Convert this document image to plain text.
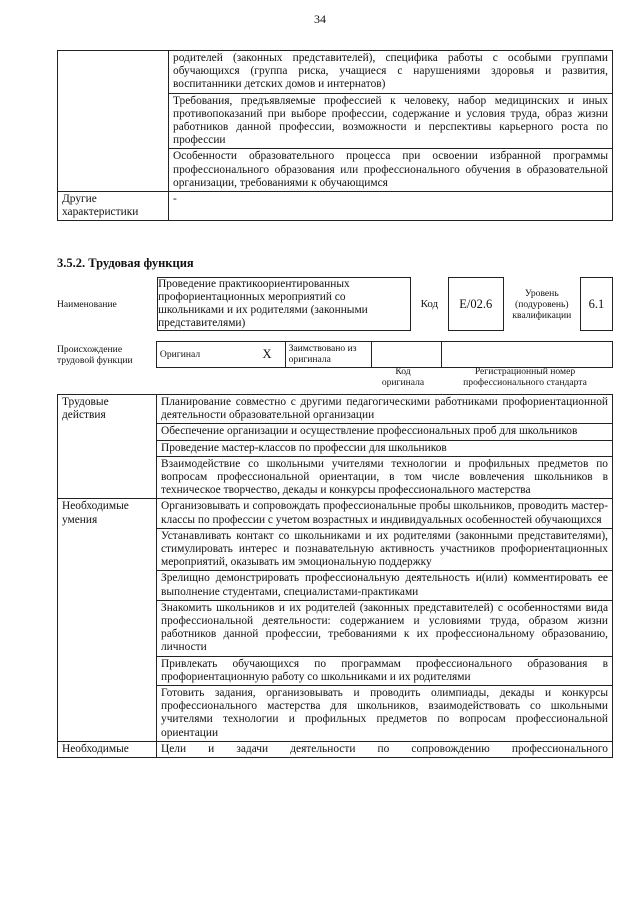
34
	родителей (законных представителей), специфика работы с особыми группами обучающихся (группа риска, учащиеся с нарушениями здоровья и развития, воспитанники детских домов и интернатов)
	Требования, предъявляемые профессией к человеку, набор медицинских и иных противопоказаний при выборе профессии, содержание и условия труда, образ жизни работников данной профессии, возможности и перспективы карьерного роста по профессии
	Особенности образовательного процесса при освоении избранной программы профессионального образования или профессионального обучения в образовательной организации, требованиями к обучающимся
Другие характеристики	-
3.5.2. Трудовая функция
Наименование	Проведение практикоориентированных профориентационных мероприятий со школьниками и их родителями (законными представителями)	Код	E/02.6	Уровень (подуровень) квалификации	6.1
Происхождение трудовой функции	Оригинал	X	Заимствовано из оригинала		
Код оригинала
Регистрационный номер профессионального стандарта
Трудовые действия	Планирование совместно с другими педагогическими работниками профориентационной деятельности образовательной организации
	Обеспечение организации и осуществление профессиональных проб для школьников
	Проведение мастер-классов по профессии для школьников
	Взаимодействие со школьными учителями технологии и профильных предметов по вопросам профессиональной ориентации, в том числе вовлечения школьников в техническое творчество, декады и конкурсы профессионального мастерства
Необходимые умения	Организовывать и сопровождать профессиональные пробы школьников, проводить мастер-классы по профессии с учетом возрастных и индивидуальных особенностей обучающихся
	Устанавливать контакт со школьниками и их родителями (законными представителями), стимулировать интерес и познавательную активность участников профориентационных мероприятий, оказывать им эмоциональную поддержку
	Зрелищно демонстрировать профессиональную деятельность и(или) комментировать ее выполнение студентами, специалистами-практиками
	Знакомить школьников и их родителей (законных представителей) с особенностями вида профессиональной деятельности: содержанием и условиями труда, образом жизни работников данной профессии, требованиями к их профессиональному образованию, личности
	Привлекать обучающихся по программам профессионального образования в профориентационную работу со школьниками и их родителями
	Готовить задания, организовывать и проводить олимпиады, декады и конкурсы профессионального мастерства для школьников, взаимодействовать со школьными учителями технологии и профильных предметов по вопросам профессиональной ориентации
Необходимые	Цели и задачи деятельности по сопровождению профессионального
